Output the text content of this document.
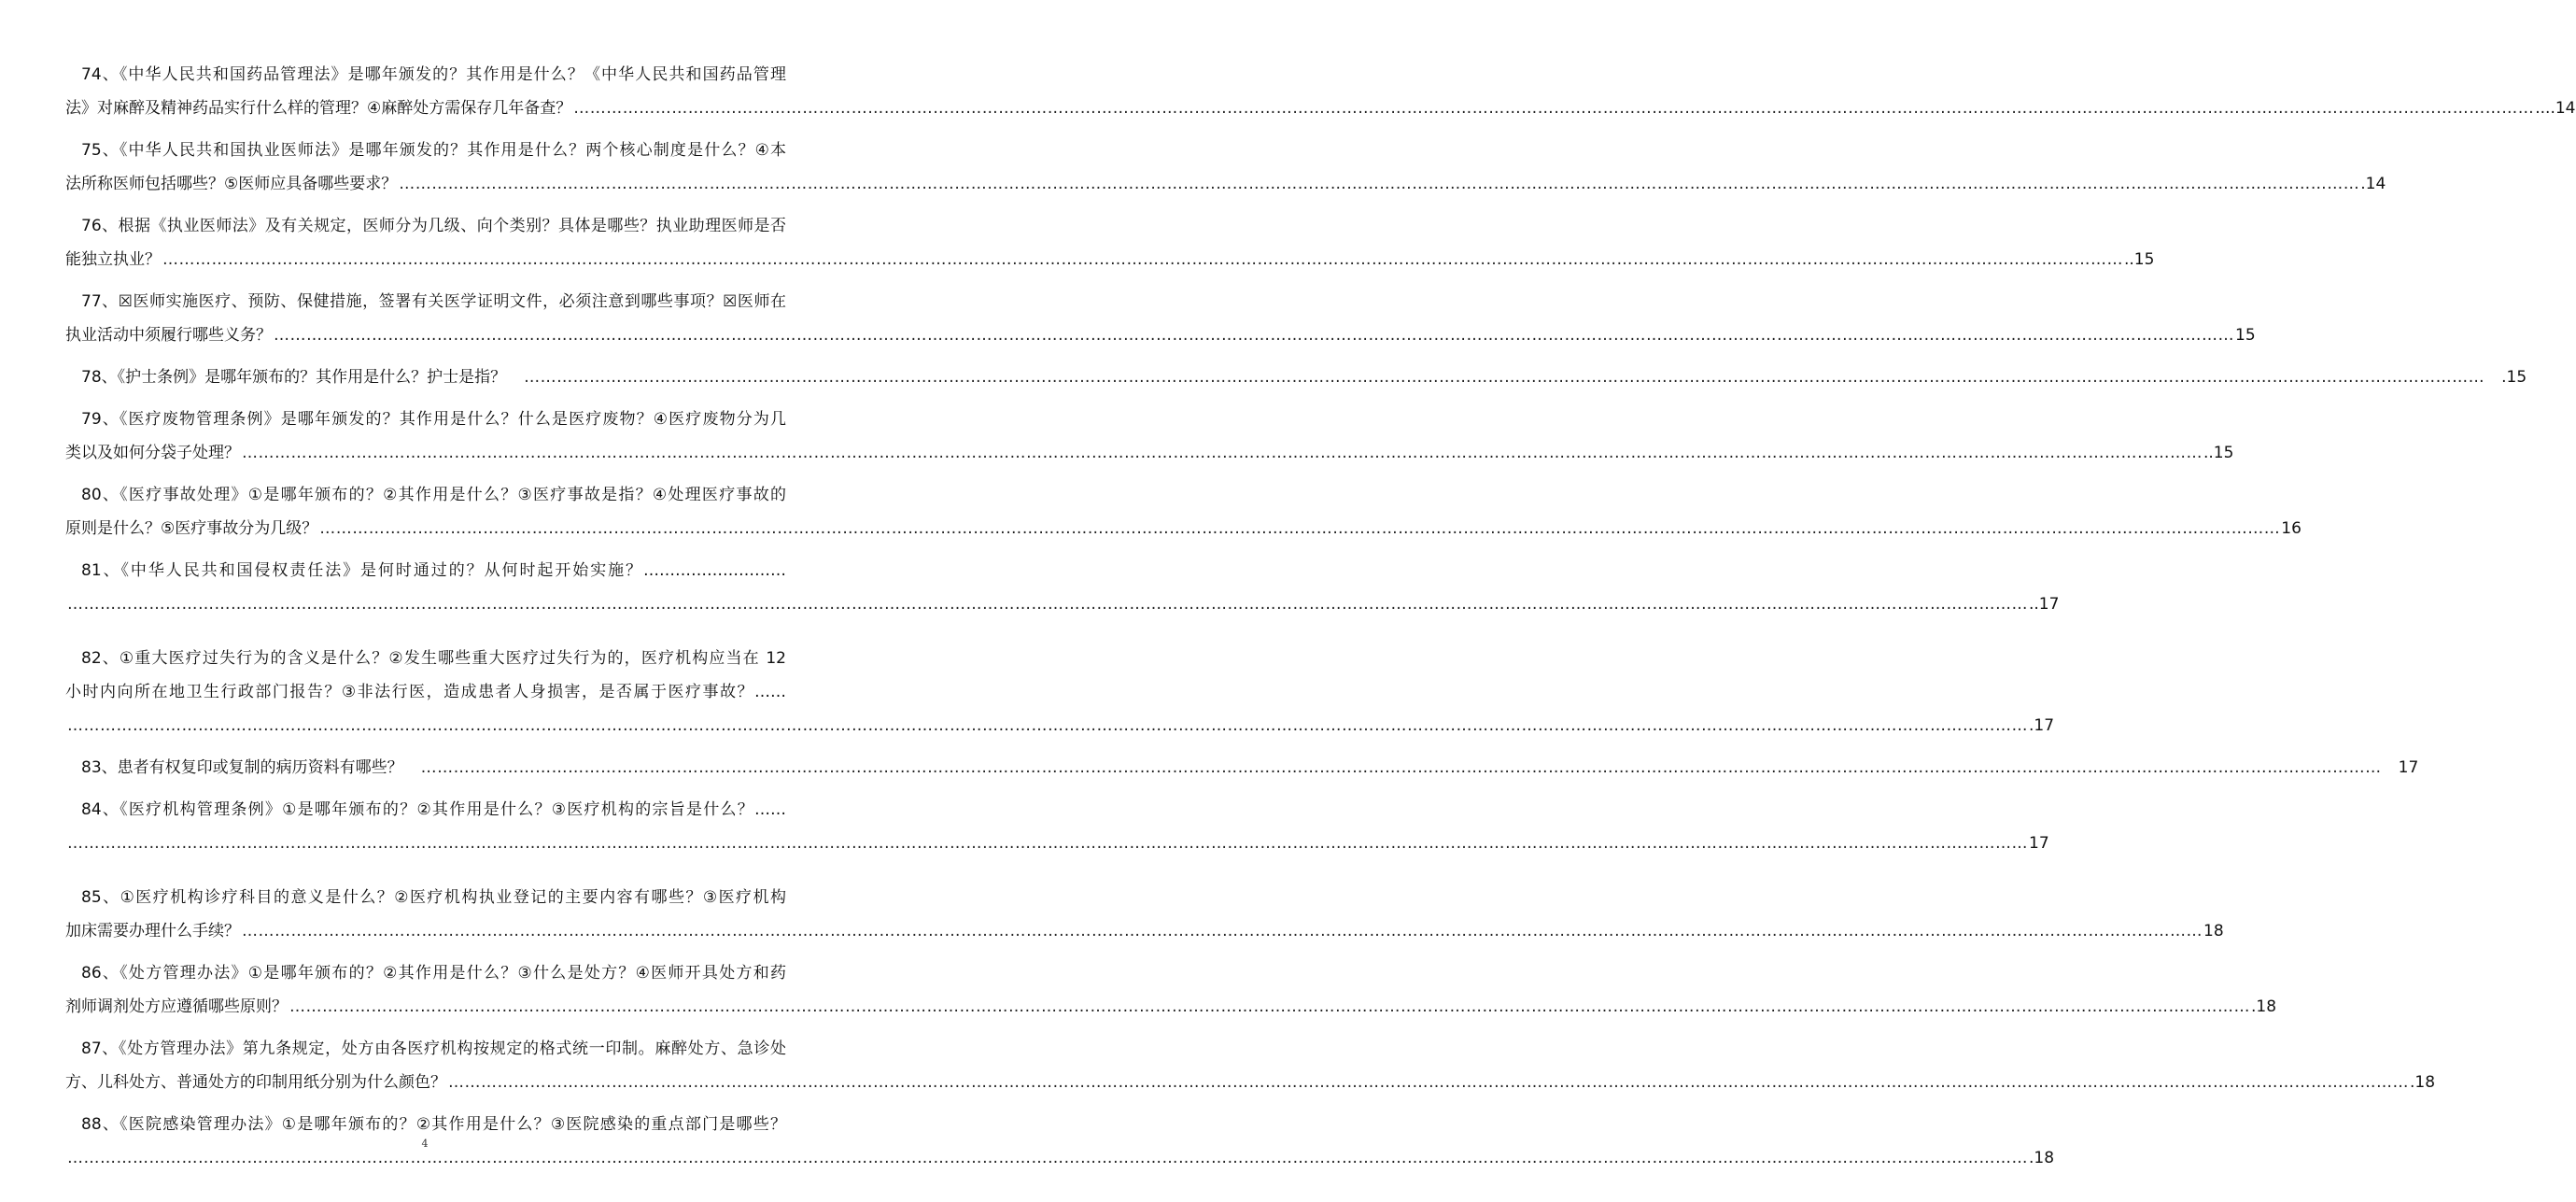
74、《中华人民共和国药品管理法》是哪年颁发的？其作用是什么？《中华人民共和国药品管理
法》对麻醉及精神药品实行什么样的管理？④麻醉处方需保存几年备查？ ……………………………………………………………………………………………………………………………………………………………………………………………………………………………………………………………………………………………………………………………… ....14
75、《中华人民共和国执业医师法》是哪年颁发的？其作用是什么？两个核心制度是什么？④本
法所称医师包括哪些？⑤医师应具备哪些要求？ ……………………………………………………………………………………………………………………………………………………………………………………………………………………………………………………………………………………………………………………………… .14
76、根据《执业医师法》及有关规定，医师分为几级、向个类别？具体是哪些？执业助理医师是否
能独立执业？ ……………………………………………………………………………………………………………………………………………………………………………………………………………………………………………………………………………………………………………………………… ..15
77、☒医师实施医疗、预防、保健措施，签署有关医学证明文件，必须注意到哪些事项？☒医师在
执业活动中须履行哪些义务？ ……………………………………………………………………………………………………………………………………………………………………………………………………………………………………………………………………………………………………………………………… 15
78、《护士条例》是哪年颁布的？其作用是什么？护士是指？	………………………………………………………………………………………………………………………………………………………………………………………………………………………………………………………………………………………………………………………………	.15
79、《医疗废物管理条例》是哪年颁发的？其作用是什么？什么是医疗废物？④医疗废物分为几
类以及如何分袋子处理？ ……………………………………………………………………………………………………………………………………………………………………………………………………………………………………………………………………………………………………………………………… ..15
80、《医疗事故处理》①是哪年颁布的？②其作用是什么？③医疗事故是指？④处理医疗事故的
原则是什么？⑤医疗事故分为几级？ ……………………………………………………………………………………………………………………………………………………………………………………………………………………………………………………………………………………………………………………………… 16
81、《中华人民共和国侵权责任法》是何时通过的？从何时起开始实施？………………………
……………………………………………………………………………………………………………………………………………………………………………………………………………………………………………………………………………………………………………………………… ..17
82、①重大医疗过失行为的含义是什么？②发生哪些重大医疗过失行为的，医疗机构应当在 12
小时内向所在地卫生行政部门报告？③非法行医，造成患者人身损害，是否属于医疗事故？……
……………………………………………………………………………………………………………………………………………………………………………………………………………………………………………………………………………………………………………………………… .17
83、患者有权复印或复制的病历资料有哪些？	………………………………………………………………………………………………………………………………………………………………………………………………………………………………………………………………………………………………………………………………	17
84、《医疗机构管理条例》①是哪年颁布的？②其作用是什么？③医疗机构的宗旨是什么？……
……………………………………………………………………………………………………………………………………………………………………………………………………………………………………………………………………………………………………………………………… 17
85、①医疗机构诊疗科目的意义是什么？②医疗机构执业登记的主要内容有哪些？③医疗机构
加床需要办理什么手续？ ……………………………………………………………………………………………………………………………………………………………………………………………………………………………………………………………………………………………………………………………… 18
86、《处方管理办法》①是哪年颁布的？②其作用是什么？③什么是处方？④医师开具处方和药
剂师调剂处方应遵循哪些原则？ ……………………………………………………………………………………………………………………………………………………………………………………………………………………………………………………………………………………………………………………………… .18
87、《处方管理办法》第九条规定，处方由各医疗机构按规定的格式统一印制。麻醉处方、急诊处
方、儿科处方、普通处方的印制用纸分别为什么颜色？ ……………………………………………………………………………………………………………………………………………………………………………………………………………………………………………………………………………………………………………………………… .18
88、《医院感染管理办法》①是哪年颁布的？②其作用是什么？③医院感染的重点部门是哪些？
……………………………………………………………………………………………………………………………………………………………………………………………………………………………………………………………………………………………………………………………… .18
4
